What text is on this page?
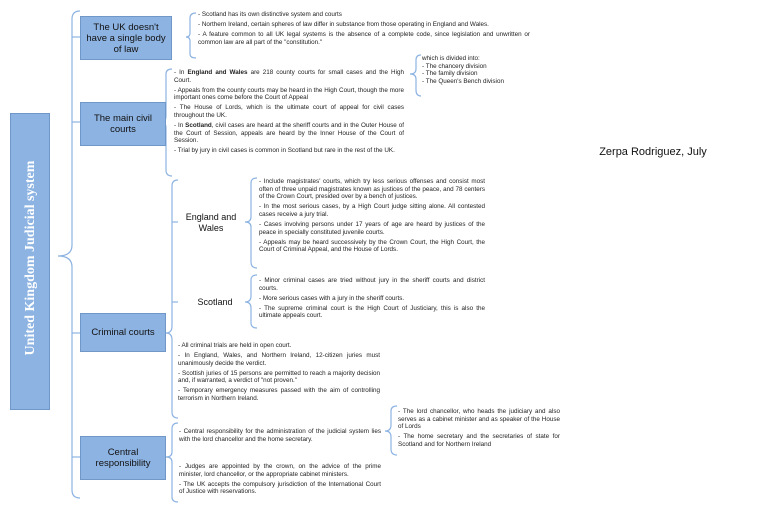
United Kingdom Judicial system
The UK doesn't have a single body of law
The main civil courts
Criminal courts
Central responsibility

- Scotland has its own distinctive system and courts

- Northern Ireland, certain spheres of law differ in substance from those operating in England and Wales.

- A feature common to all UK legal systems is the absence of a complete code, since legislation and unwritten or common law are all part of the "constitution."

- In England and Wales are 218 county courts for small cases and the High Court.

- Appeals from the county courts may be heard in the High Court, though the more important ones come before the Court of Appeal

- The House of Lords, which is the ultimate court of appeal for civil cases throughout the UK.

- In Scotland, civil cases are heard at the sheriff courts and in the Outer House of the Court of Session, appeals are heard by the Inner House of the Court of Session.

- Trial by jury in civil cases is common in Scotland but rare in the rest of the UK.

which is divided into:
- The chancery division
- The family division
- The Queen's Bench division
England and Wales
Scotland

- Include magistrates' courts, which try less serious offenses and consist most often of three unpaid magistrates known as justices of the peace, and 78 centers of the Crown Court, presided over by a bench of justices.

- In the most serious cases, by a High Court judge sitting alone. All contested cases receive a jury trial.

- Cases involving persons under 17 years of age are heard by justices of the peace in specially constituted juvenile courts.

- Appeals may be heard successively by the Crown Court, the High Court, the Court of Criminal Appeal, and the House of Lords.

- Minor criminal cases are tried without jury in the sheriff courts and district courts.

- More serious cases with a jury in the sheriff courts.

- The supreme criminal court is the High Court of Justiciary, this is also the ultimate appeals court.

- All criminal trials are held in open court.

- In England, Wales, and Northern Ireland, 12-citizen juries must unanimously decide the verdict.

- Scottish juries of 15 persons are permitted to reach a majority decision and, if warranted, a verdict of "not proven."

- Temporary emergency measures passed with the aim of controlling terrorism in Northern Ireland.

- Central responsibility for the administration of the judicial system lies with the lord chancellor and the home secretary.

- Judges are appointed by the crown, on the advice of the prime minister, lord chancellor, or the appropriate cabinet ministers.

- The UK accepts the compulsory jurisdiction of the International Court of Justice with reservations.

- The lord chancellor, who heads the judiciary and also serves as a cabinet minister and as speaker of the House of Lords

- The home secretary and the secretaries of state for Scotland and for Northern Ireland

Zerpa Rodriguez, July
